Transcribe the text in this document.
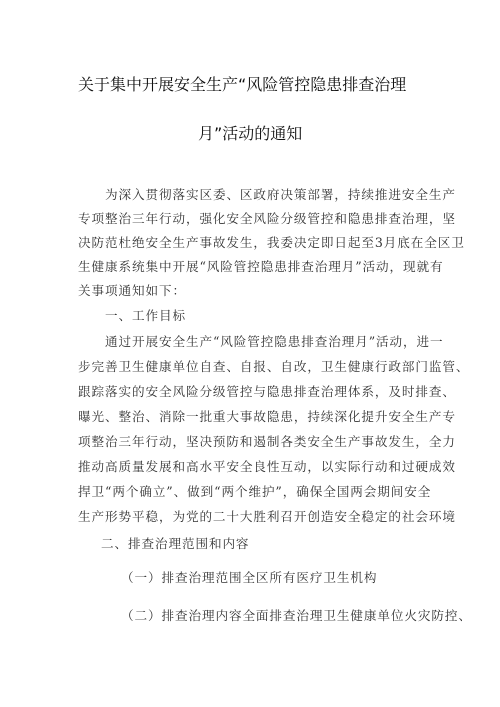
关于集中开展安全生产“风险管控隐患排查治理
月”活动的通知
为深入贯彻落实区委、区政府决策部署，持续推进安全生产
专项整治三年行动，强化安全风险分级管控和隐患排查治理，坚
决防范杜绝安全生产事故发生，我委决定即日起至3月底在全区卫
生健康系统集中开展“风险管控隐患排查治理月”活动，现就有
关事项通知如下：
一、工作目标
通过开展安全生产“风险管控隐患排查治理月”活动，进一
步完善卫生健康单位自查、自报、自改，卫生健康行政部门监管、
跟踪落实的安全风险分级管控与隐患排查治理体系，及时排查、
曝光、整治、消除一批重大事故隐患，持续深化提升安全生产专
项整治三年行动，坚决预防和遏制各类安全生产事故发生，全力
推动高质量发展和高水平安全良性互动，以实际行动和过硬成效
捍卫“两个确立”、做到“两个维护”，确保全国两会期间安全
生产形势平稳，为党的二十大胜利召开创造安全稳定的社会环境
二、排查治理范围和内容
（一）排查治理范围全区所有医疗卫生机构
（二）排查治理内容全面排查治理卫生健康单位火灾防控、
